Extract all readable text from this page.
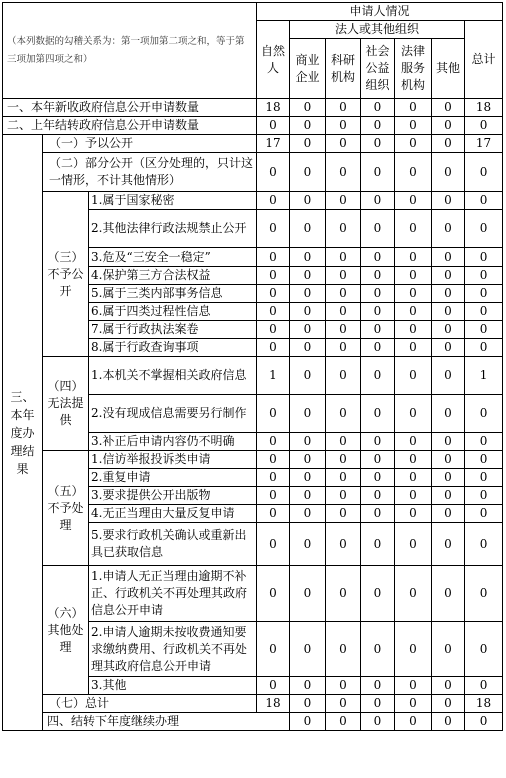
（本列数据的勾稽关系为：第一项加第二项之和，等于第三项加第四项之和）			申请人情况							
			自然人	法人或其他组织					总计	
				商业企业	科研机构	社会公益组织	法律服务机构	其他		
一、本年新收政府信息公开申请数量			18	0	0	0	0	0	18	
二、上年结转政府信息公开申请数量			0	0	0	0	0	0	0	
三、本年度办理结果	（一）予以公开		17	0	0	0	0	0	17	
	（二）部分公开（区分处理的，只计这一情形，不计其他情形）		0	0	0	0	0	0	0	
	（三）不予公开	1.属于国家秘密	0	0	0	0	0	0	0	
		2.其他法律行政法规禁止公开	0	0	0	0	0	0	0	
		3.危及“三安全一稳定”	0	0	0	0	0	0	0	
		4.保护第三方合法权益	0	0	0	0	0	0	0	
		5.属于三类内部事务信息	0	0	0	0	0	0	0	
		6.属于四类过程性信息	0	0	0	0	0	0	0	
		7.属于行政执法案卷	0	0	0	0	0	0	0	
		8.属于行政查询事项	0	0	0	0	0	0	0	
	（四）无法提供	1.本机关不掌握相关政府信息	1	0	0	0	0	0	1	
		2.没有现成信息需要另行制作	0	0	0	0	0	0	0	
		3.补正后申请内容仍不明确	0	0	0	0	0	0	0	
	（五）不予处理	1.信访举报投诉类申请	0	0	0	0	0	0	0	
		2.重复申请	0	0	0	0	0	0	0	
		3.要求提供公开出版物	0	0	0	0	0	0	0	
		4.无正当理由大量反复申请	0	0	0	0	0	0	0	
		5.要求行政机关确认或重新出具已获取信息	0	0	0	0	0	0	0	
	（六）其他处理	1.申请人无正当理由逾期不补正、行政机关不再处理其政府信息公开申请	0	0	0	0	0	0	0	
		2.申请人逾期未按收费通知要求缴纳费用、行政机关不再处理其政府信息公开申请	0	0	0	0	0	0	0	
		3.其他	0	0	0	0	0	0	0	
	（七）总计		18	0	0	0	0	0	18	
	四、结转下年度继续办理			0	0	0	0	0	0	
